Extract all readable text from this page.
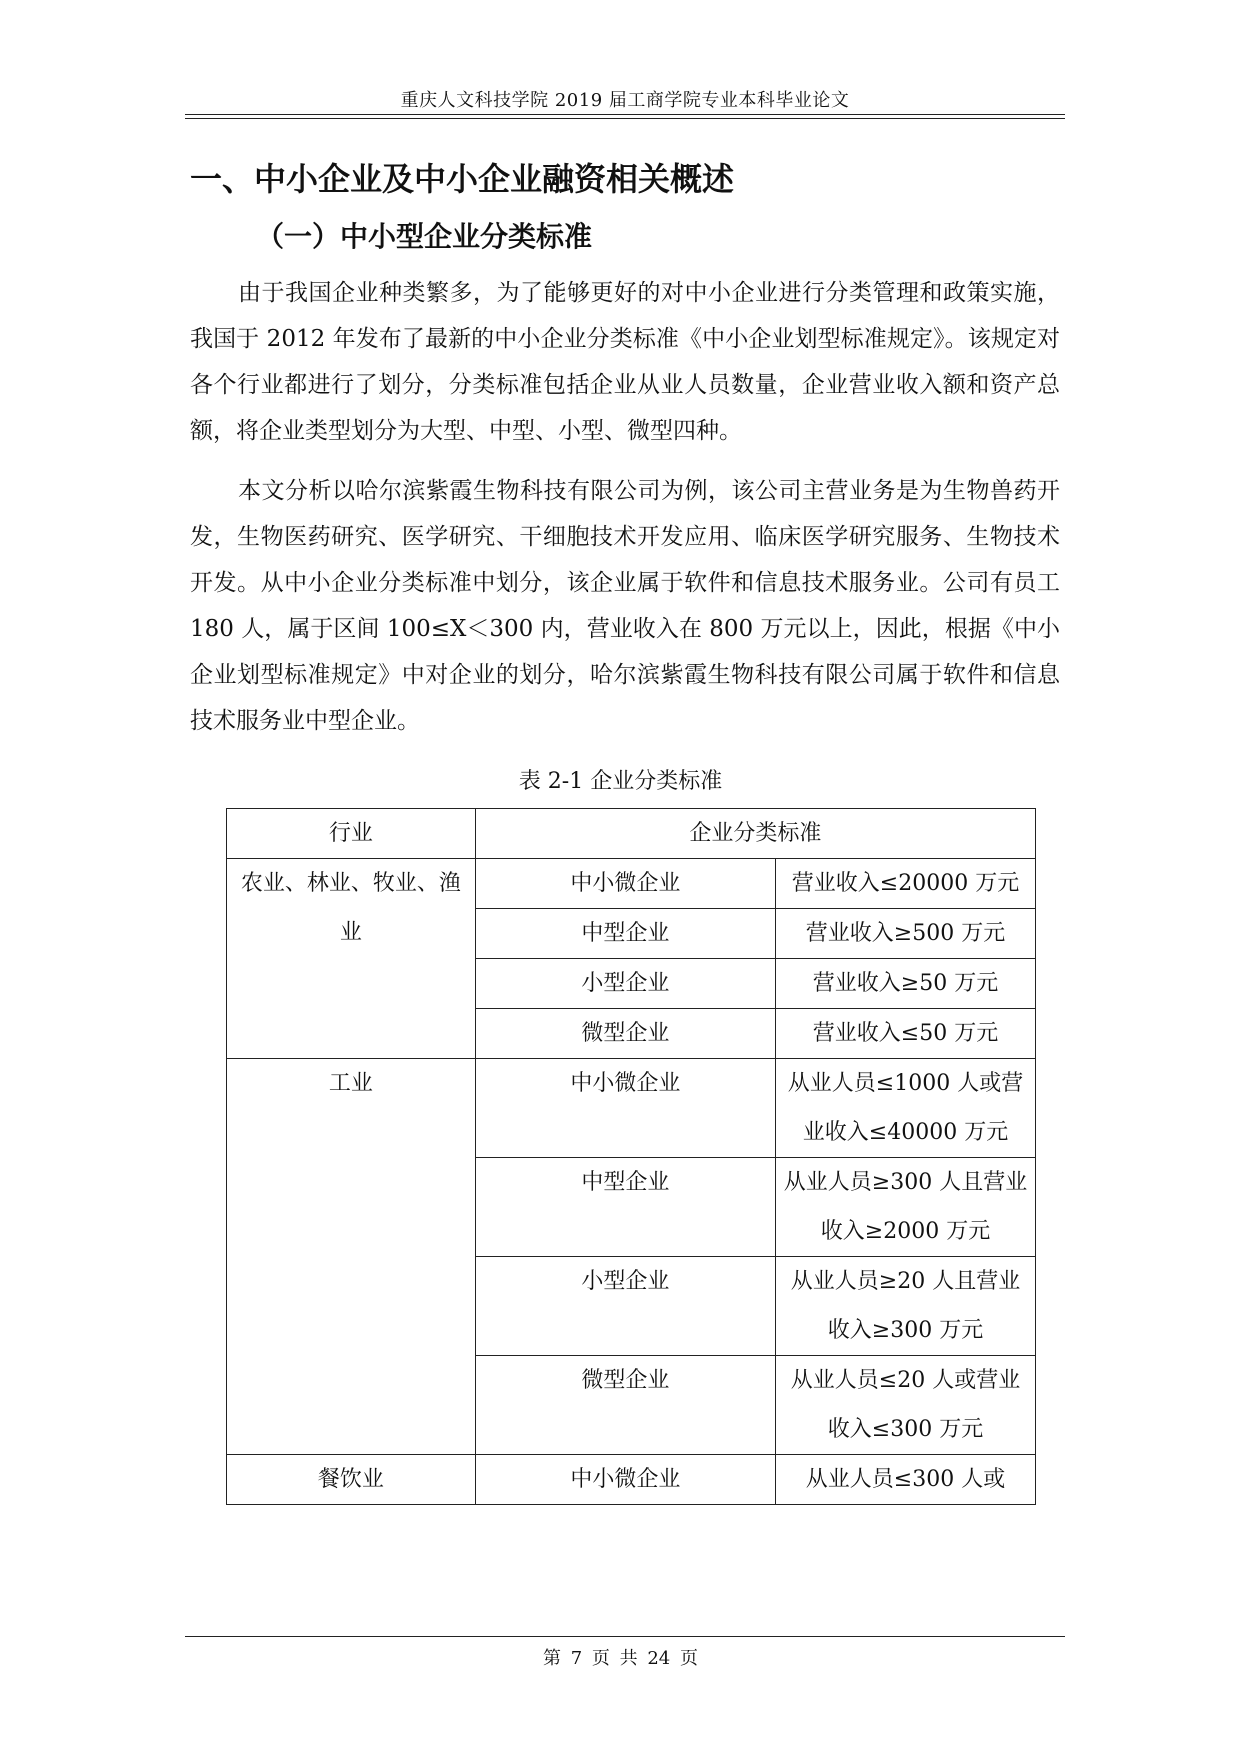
重庆人文科技学院 2019 届工商学院专业本科毕业论文
一、中小企业及中小企业融资相关概述
（一）中小型企业分类标准
由于我国企业种类繁多，为了能够更好的对中小企业进行分类管理和政策实施，我国于 2012 年发布了最新的中小企业分类标准《中小企业划型标准规定》。该规定对各个行业都进行了划分，分类标准包括企业从业人员数量，企业营业收入额和资产总额，将企业类型划分为大型、中型、小型、微型四种。
本文分析以哈尔滨紫霞生物科技有限公司为例，该公司主营业务是为生物兽药开发，生物医药研究、医学研究、干细胞技术开发应用、临床医学研究服务、生物技术开发。从中小企业分类标准中划分，该企业属于软件和信息技术服务业。公司有员工 180 人，属于区间 100≤X＜300 内，营业收入在 800 万元以上，因此，根据《中小企业划型标准规定》中对企业的划分，哈尔滨紫霞生物科技有限公司属于软件和信息技术服务业中型企业。
表 2-1 企业分类标准
行业	企业分类标准	
农业、林业、牧业、渔业	中小微企业	营业收入≤20000 万元
	中型企业	营业收入≥500 万元
	小型企业	营业收入≥50 万元
	微型企业	营业收入≤50 万元
工业	中小微企业	从业人员≤1000 人或营业收入≤40000 万元
	中型企业	从业人员≥300 人且营业收入≥2000 万元
	小型企业	从业人员≥20 人且营业收入≥300 万元
	微型企业	从业人员≤20 人或营业收入≤300 万元
餐饮业	中小微企业	从业人员≤300 人或
第 7 页 共 24 页
